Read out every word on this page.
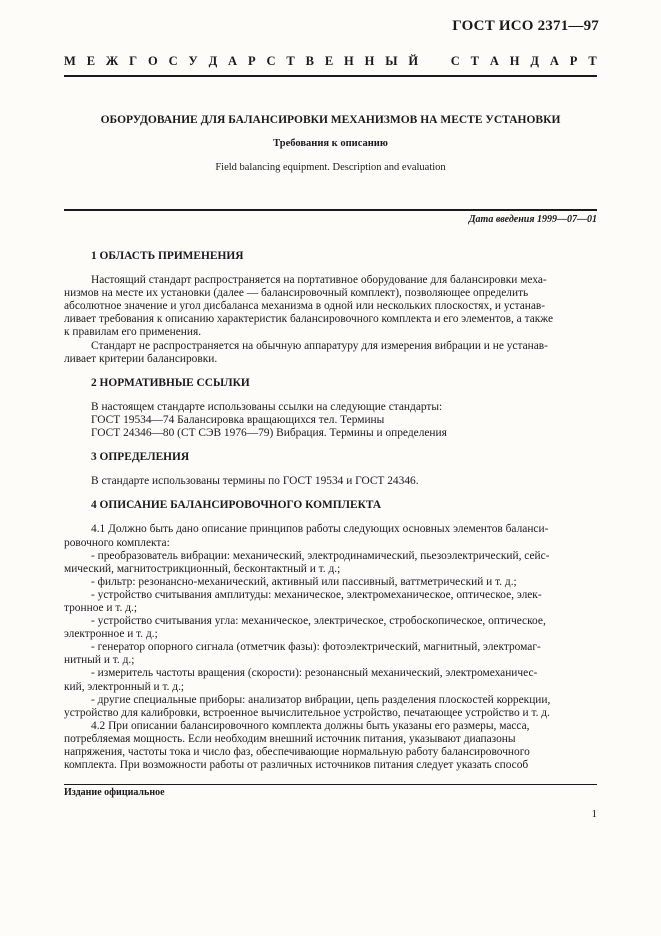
ГОСТ ИСО 2371—97
М Е Ж Г О С У Д А Р С Т В Е Н Н Ы Й	С Т А Н Д А Р Т
ОБОРУДОВАНИЕ ДЛЯ БАЛАНСИРОВКИ МЕХАНИЗМОВ НА МЕСТЕ УСТАНОВКИ
Требования к описанию
Field balancing equipment. Description and evaluation
Дата введения 1999—07—01
1 ОБЛАСТЬ ПРИМЕНЕНИЯ
Настоящий стандарт распространяется на портативное оборудование для балансировки меха-
низмов на месте их установки (далее — балансировочный комплект), позволяющее определить
абсолютное значение и угол дисбаланса механизма в одной или нескольких плоскостях, и устанав-
ливает требования к описанию характеристик балансировочного комплекта и его элементов, а также
к правилам его применения.
Стандарт не распространяется на обычную аппаратуру для измерения вибрации и не устанав-
ливает критерии балансировки.
2 НОРМАТИВНЫЕ ССЫЛКИ
В настоящем стандарте использованы ссылки на следующие стандарты:
ГОСТ 19534—74 Балансировка вращающихся тел. Термины
ГОСТ 24346—80 (СТ СЭВ 1976—79) Вибрация. Термины и определения
3 ОПРЕДЕЛЕНИЯ
В стандарте использованы термины по ГОСТ 19534 и ГОСТ 24346.
4 ОПИСАНИЕ БАЛАНСИРОВОЧНОГО КОМПЛЕКТА
4.1 Должно быть дано описание принципов работы следующих основных элементов баланси-
ровочного комплекта:
- преобразователь вибрации: механический, электродинамический, пьезоэлектрический, сейс-
мический, магнитострикционный, бесконтактный и т. д.;
- фильтр: резонансно-механический, активный или пассивный, ваттметрический и т. д.;
- устройство считывания амплитуды: механическое, электромеханическое, оптическое, элек-
тронное и т. д.;
- устройство считывания угла: механическое, электрическое, стробоскопическое, оптическое,
электронное и т. д.;
- генератор опорного сигнала (отметчик фазы): фотоэлектрический, магнитный, электромаг-
нитный и т. д.;
- измеритель частоты вращения (скорости): резонансный механический, электромеханичес-
кий, электронный и т. д.;
- другие специальные приборы: анализатор вибрации, цепь разделения плоскостей коррекции,
устройство для калибровки, встроенное вычислительное устройство, печатающее устройство и т. д.
4.2 При описании балансировочного комплекта должны быть указаны его размеры, масса,
потребляемая мощность. Если необходим внешний источник питания, указывают диапазоны
напряжения, частоты тока и число фаз, обеспечивающие нормальную работу балансировочного
комплекта. При возможности работы от различных источников питания следует указать способ
Издание официальное
1
